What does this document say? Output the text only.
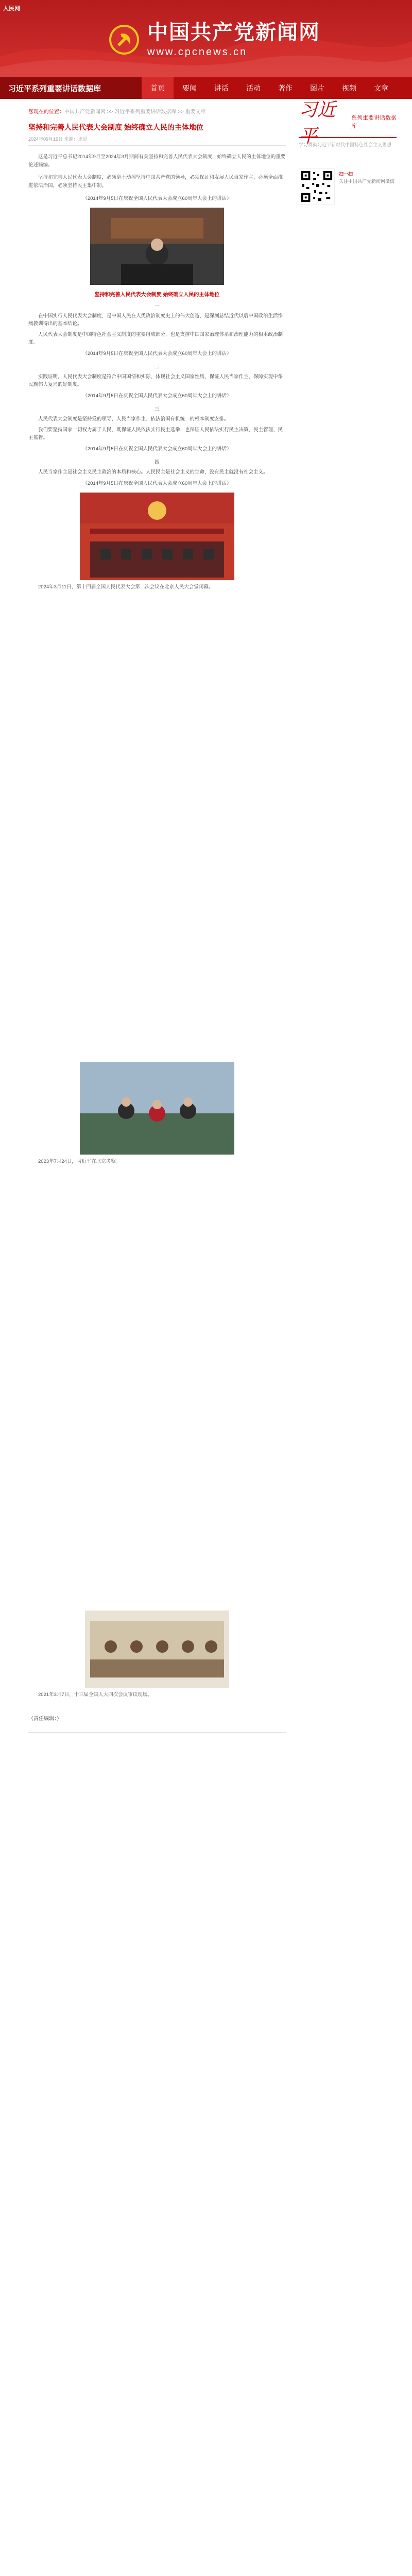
人民网
中国共产党新闻网
www.cpcnews.cn
习近平系列重要讲话数据库	首页	要闻	讲话	活动	著作	图片	视频	文章
您现在的位置：中国共产党新闻网 >> 习近平系列重要讲话数据库 >> 重要文章
坚持和完善人民代表大会制度 始终确立人民的主体地位
2024年09月16日 来源：求是

这是习近平总书记2014年9月至2024年3月期间有关坚持和完善人民代表大会制度，始终确立人民的主体地位的重要论述摘编。

坚持和完善人民代表大会制度，必须毫不动摇坚持中国共产党的领导，必须保证和发展人民当家作主，必须全面推进依法治国，必须坚持民主集中制。

（2014年9月5日在庆祝全国人民代表大会成立60周年大会上的讲话）

坚持和完善人民代表大会制度 始终确立人民的主体地位
一

在中国实行人民代表大会制度，是中国人民在人类政治制度史上的伟大创造，是深刻总结近代以后中国政治生活惨痛教训得出的基本结论。

人民代表大会制度是中国特色社会主义制度的重要组成部分，也是支撑中国国家治理体系和治理能力的根本政治制度。

（2014年9月5日在庆祝全国人民代表大会成立60周年大会上的讲话）

二

实践证明，人民代表大会制度是符合中国国情和实际、体现社会主义国家性质、保证人民当家作主、保障实现中华民族伟大复兴的好制度。

（2014年9月5日在庆祝全国人民代表大会成立60周年大会上的讲话）

三

人民代表大会制度是坚持党的领导、人民当家作主、依法治国有机统一的根本制度安排。

我们要坚持国家一切权力属于人民，既保证人民依法实行民主选举，也保证人民依法实行民主决策、民主管理、民主监督。

（2014年9月5日在庆祝全国人民代表大会成立60周年大会上的讲话）

四

人民当家作主是社会主义民主政治的本质和核心。人民民主是社会主义的生命，没有民主就没有社会主义。

（2014年9月5日在庆祝全国人民代表大会成立60周年大会上的讲话）

2024年3月11日，第十四届全国人民代表大会第二次会议在北京人民大会堂闭幕。

2023年7月24日，习近平在北京考察。

2021年3月7日，十三届全国人大四次会议审议现场。

（责任编辑：）
习近平
系列重要讲话数据库
学习贯彻习近平新时代中国特色社会主义思想
扫一扫
关注中国共产党新闻网微信
